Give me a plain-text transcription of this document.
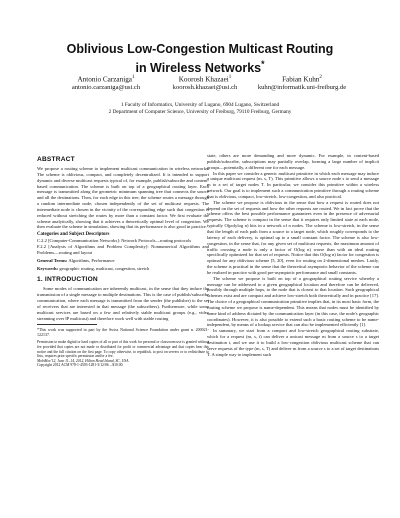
Oblivious Low-Congestion Multicast Routing
in Wireless Networks*
Antonio Carzaniga$^1$
antonio.carzaniga@usi.ch
Koorosh Khazaei$^1$
koorosh.khazaei@usi.ch
Fabian Kuhn$^2$
kuhn@informatik.uni-freiburg.de
1 Faculty of Informatics, University of Lugano, 6904 Lugano, Switzerland
2 Department of Computer Science, University of Freiburg, 79110 Freiburg, Germany
ABSTRACT

We propose a routing scheme to implement multicast communication in wireless networks. The scheme is oblivious, compact, and completely decentralized. It is intended to support dynamic and diverse multicast requests typical of, for example, publish/subscribe and content-based communication. The scheme is built on top of a geographical routing layer. Each message is transmitted along the geometric minimum spanning tree that connects the source and all the destinations. Then, for each edge in this tree, the scheme routes a message through a random intermediate node, chosen independently of the set of multicast requests. The intermediate node is chosen in the vicinity of the corresponding edge such that congestion is reduced without stretching the routes by more than a constant factor. We first evaluate the scheme analytically, showing that it achieves a theoretically optimal level of congestion. We then evaluate the scheme in simulation, showing that its performance is also good in practice.

Categories and Subject Descriptors

C.2.2 [Computer-Communication Networks]: Network Protocols—routing protocols

F.2.2 [Analysis of Algorithms and Problem Complexity]: Nonnumerical Algorithms and Problems—routing and layout

General Terms: Algorithms, Performance

Keywords: geographic routing, multicast, congestion, stretch

1. INTRODUCTION

Some modes of communication are inherently multicast, in the sense that they induce the transmission of a single message to multiple destinations. This is the case of publish/subscribe communication, where each message is transmitted from the sender (the publisher) to the set of receivers that are interested in that message (the subscribers). Furthermore, while some multicast services are based on a few and relatively stable multicast groups (e.g., video streaming over IP multicast) and therefore work well with stable routing

*This work was supported in part by the Swiss National Science Foundation under grant n. 200021-122137.

Permission to make digital or hard copies of all or part of this work for personal or classroom use is granted without fee provided that copies are not made or distributed for profit or commercial advantage and that copies bear this notice and the full citation on the first page. To copy otherwise, to republish, to post on servers or to redistribute to lists, requires prior specific permission and/or a fee.

MobiHoc'12, June 11–14, 2012, Hilton Head Island, SC, USA.

Copyright 2012 ACM 978-1-4503-1281-3/12/06 ...$10.00.

state, others are more demanding and more dynamic. For example, in content-based publish/subscribe, subscriptions may partially overlap, forming a large number of implicit groups—potentially, a different one for each message.

In this paper we consider a generic multicast primitive in which each message may induce a unique multicast request (m, s, T). This primitive allows a source node s to send a message m to a set of target nodes T. In particular, we consider this primitive within a wireless network. Our goal is to implement such a communication primitive through a routing scheme that is oblivious, compact, low-stretch, low-congestion, and also practical.

The scheme we propose is oblivious in the sense that how a request is routed does not depend on the set of requests and how the other requests are routed. We in fact prove that the scheme offers the best possible performance guarantees even in the presence of adversarial requests. The scheme is compact in the sense that it requires only limited state at each node, typically O(polylog n) bits in a network of n nodes. The scheme is low-stretch, in the sense that the length of each path from a source to a target node, which roughly corresponds to the latency of each delivery, is optimal up to a small constant factor. The scheme is also low-congestion, in the sense that, for any given set of multicast requests, the maximum amount of traffic crossing a node is only a factor of O(log n) worse than with an ideal routing specifically optimized for that set of requests. Notice that this O(log n) factor for congestion is optimal for any oblivious scheme [5, 20], even for routing on 2-dimensional meshes. Lastly, the scheme is practical in the sense that the theoretical asymptotic behavior of the scheme can be realized in practice with good pre-asymptotic performance and small constants.

The scheme we propose is built on top of a geographical routing service whereby a message can be addressed to a given geographical location and therefore can be delivered, possibly through multiple hops, to the node that is closest to that location. Such geographical schemes exist and are compact and achieve low-stretch both theoretically and in practice [17]. The choice of a geographical communication primitive implies that, in its most basic form, the routing scheme we propose is name-dependent. This means that nodes must be identified by some kind of address dictated by the communication layer (in this case, the node's geographic coordinates). However, it is also possible to extend such a basic routing scheme to be name-independent, by means of a lookup service that can also be implemented efficiently [1].

In summary, we start from a compact and low-stretch geographical routing substrate, which for a request (m, s, t) can deliver a unicast message m from a source s to a target destination t, and we use it to build a low-congestion oblivious multicast scheme that can serve requests of the type (m, s, T) and deliver m from a source s to a set of target destinations T. A simple way to implement such
